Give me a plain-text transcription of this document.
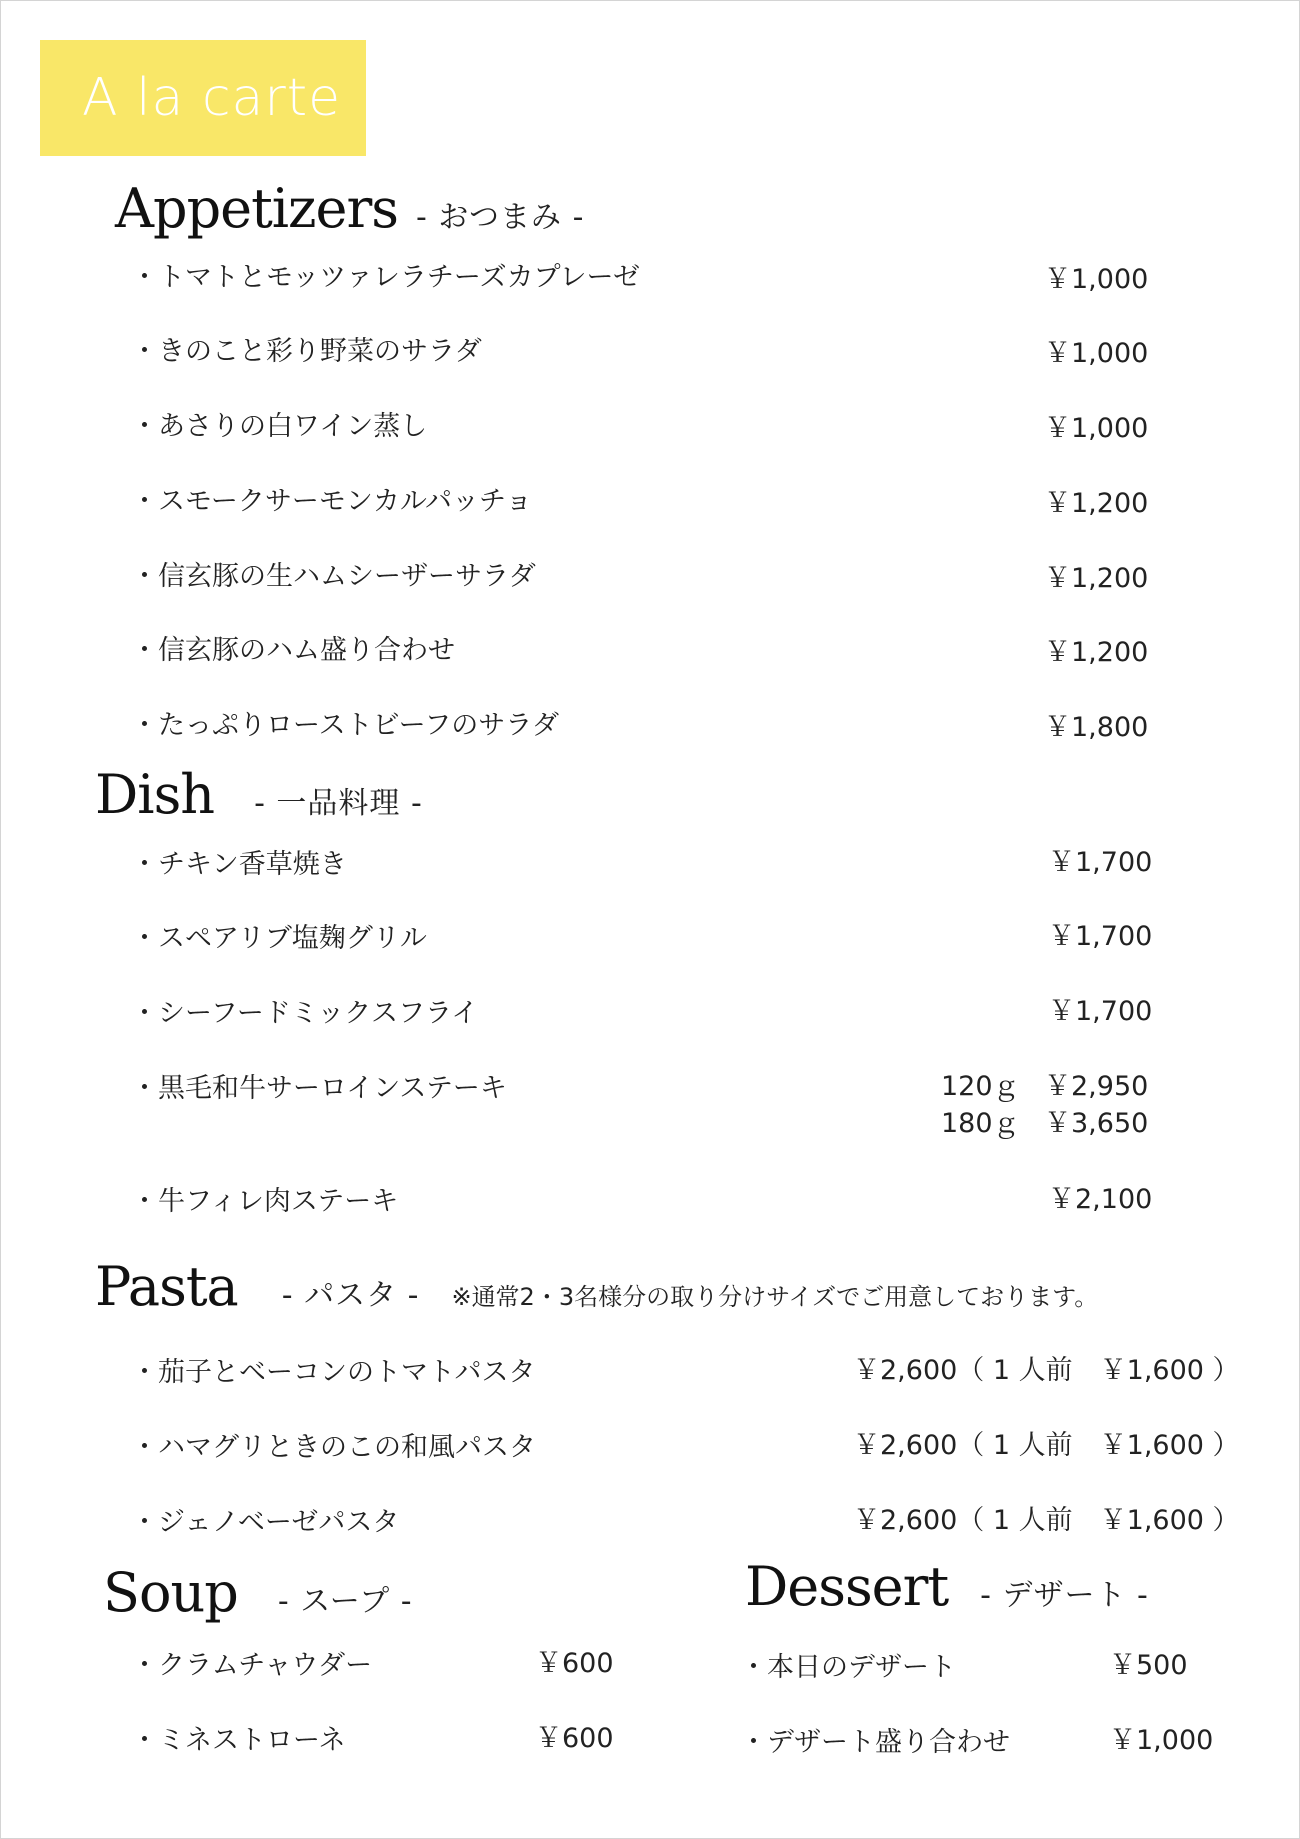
A la carte
Appetizers - おつまみ -
・トマトとモッツァレラチーズカプレーゼ	￥1,000
・きのこと彩り野菜のサラダ	￥1,000
・あさりの白ワイン蒸し	￥1,000
・スモークサーモンカルパッチョ	￥1,200
・信玄豚の生ハムシーザーサラダ	￥1,200
・信玄豚のハム盛り合わせ	￥1,200
・たっぷりローストビーフのサラダ	￥1,800
Dish - 一品料理 -
・チキン香草焼き	￥1,700
・スペアリブ塩麹グリル	￥1,700
・シーフードミックスフライ	￥1,700
・黒毛和牛サーロインステーキ	120ｇ ￥2,950
180ｇ ￥3,650
・牛フィレ肉ステーキ	￥2,100
Pasta - パスタ - ※通常2・3名様分の取り分けサイズでご用意しております。
・茄子とベーコンのトマトパスタ	￥2,600（ 1 人前　￥1,600 ）
・ハマグリときのこの和風パスタ	￥2,600（ 1 人前　￥1,600 ）
・ジェノベーゼパスタ	￥2,600（ 1 人前　￥1,600 ）
Soup - スープ -
・クラムチャウダー	￥600
・ミネストローネ	￥600
Dessert - デザート -
・本日のデザート	￥500
・デザート盛り合わせ	￥1,000
